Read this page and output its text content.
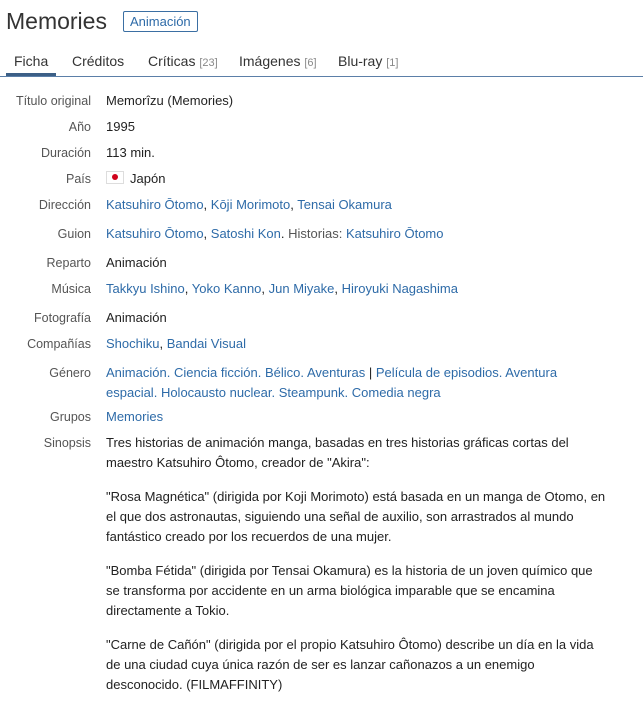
Memories	Animación
Ficha Créditos Críticas [23] Imágenes [6] Blu-ray [1]
Título original Memorîzu (Memories)
Año 1995
Duración 113 min.
País	Japón
Dirección Katsuhiro Ōtomo, Kōji Morimoto, Tensai Okamura
Guion Katsuhiro Ōtomo, Satoshi Kon. Historias: Katsuhiro Ōtomo
Reparto Animación
Música Takkyu Ishino, Yoko Kanno, Jun Miyake, Hiroyuki Nagashima
Fotografía Animación
Compañías Shochiku, Bandai Visual
Género Animación. Ciencia ficción. Bélico. Aventuras | Película de episodios. Aventura espacial. Holocausto nuclear. Steampunk. Comedia negra
Grupos Memories
Sinopsis Tres historias de animación manga, basadas en tres historias gráficas cortas del maestro Katsuhiro Ôtomo, creador de "Akira":

"Rosa Magnética" (dirigida por Koji Morimoto) está basada en un manga de Otomo, en el que dos astronautas, siguiendo una señal de auxilio, son arrastrados al mundo fantástico creado por los recuerdos de una mujer.

"Bomba Fétida" (dirigida por Tensai Okamura) es la historia de un joven químico que se transforma por accidente en un arma biológica imparable que se encamina directamente a Tokio.

"Carne de Cañón" (dirigida por el propio Katsuhiro Ôtomo) describe un día en la vida de una ciudad cuya única razón de ser es lanzar cañonazos a un enemigo desconocido. (FILMAFFINITY)
